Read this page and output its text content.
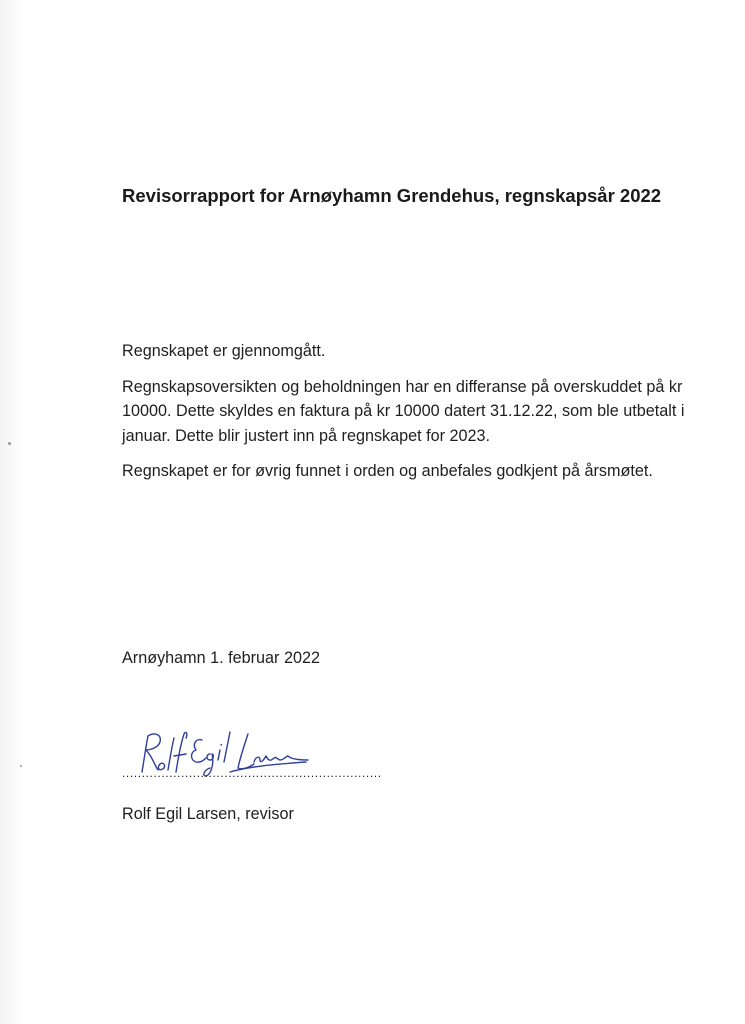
Revisorrapport for Arnøyhamn Grendehus, regnskapsår 2022

Regnskapet er gjennomgått.

Regnskapsoversikten og beholdningen har en differanse på overskuddet på kr 10000. Dette skyldes en faktura på kr 10000 datert 31.12.22, som ble utbetalt i januar. Dette blir justert inn på regnskapet for 2023.

Regnskapet er for øvrig funnet i orden og anbefales godkjent på årsmøtet.

Arnøyhamn 1. februar 2022
..................................................................
Rolf Egil Larsen, revisor
